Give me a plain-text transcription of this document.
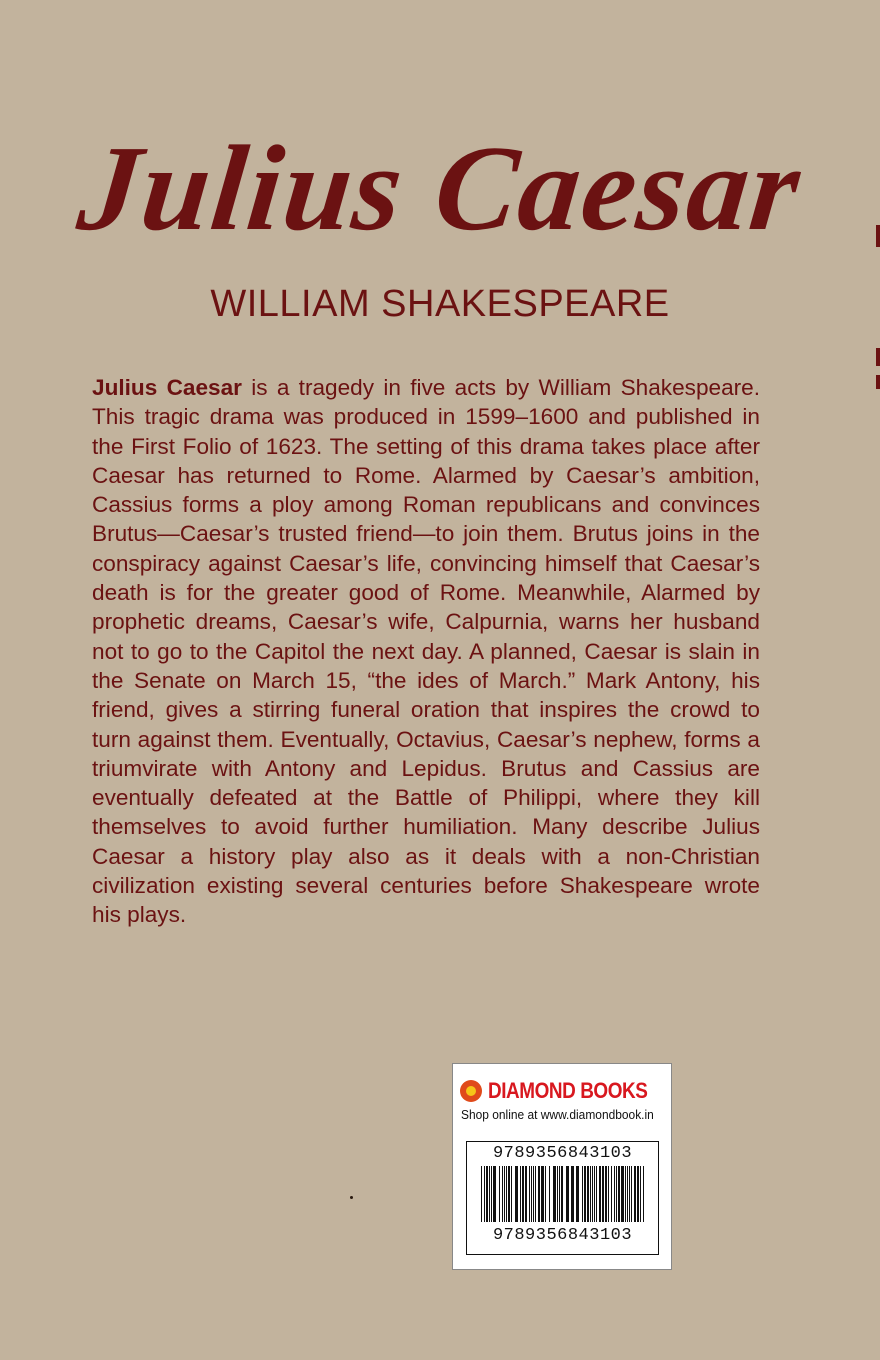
Julius Caesar
WILLIAM SHAKESPEARE
Julius Caesar is a tragedy in five acts by William Shakespeare. This tragic drama was produced in 1599–1600 and published in the First Folio of 1623. The setting of this drama takes place after Caesar has returned to Rome. Alarmed by Caesar’s ambition, Cassius forms a ploy among Roman republicans and convinces Brutus—Caesar’s trusted friend—to join them. Brutus joins in the conspiracy against Caesar’s life, convincing himself that Caesar’s death is for the greater good of Rome. Meanwhile, Alarmed by prophetic dreams, Caesar’s wife, Calpurnia, warns her husband not to go to the Capitol the next day. A planned, Caesar is slain in the Senate on March 15, “the ides of March.” Mark Antony, his friend, gives a stirring funeral oration that inspires the crowd to turn against them. Eventually, Octavius, Caesar’s nephew, forms a triumvirate with Antony and Lepidus. Brutus and Cassius are eventually defeated at the Battle of Philippi, where they kill themselves to avoid further humiliation. Many describe Julius Caesar a history play also as it deals with a non-Christian civilization existing several centuries before Shakespeare wrote his plays.
DIAMOND BOOKS
Shop online at www.diamondbook.in
9789356843103
9789356843103
